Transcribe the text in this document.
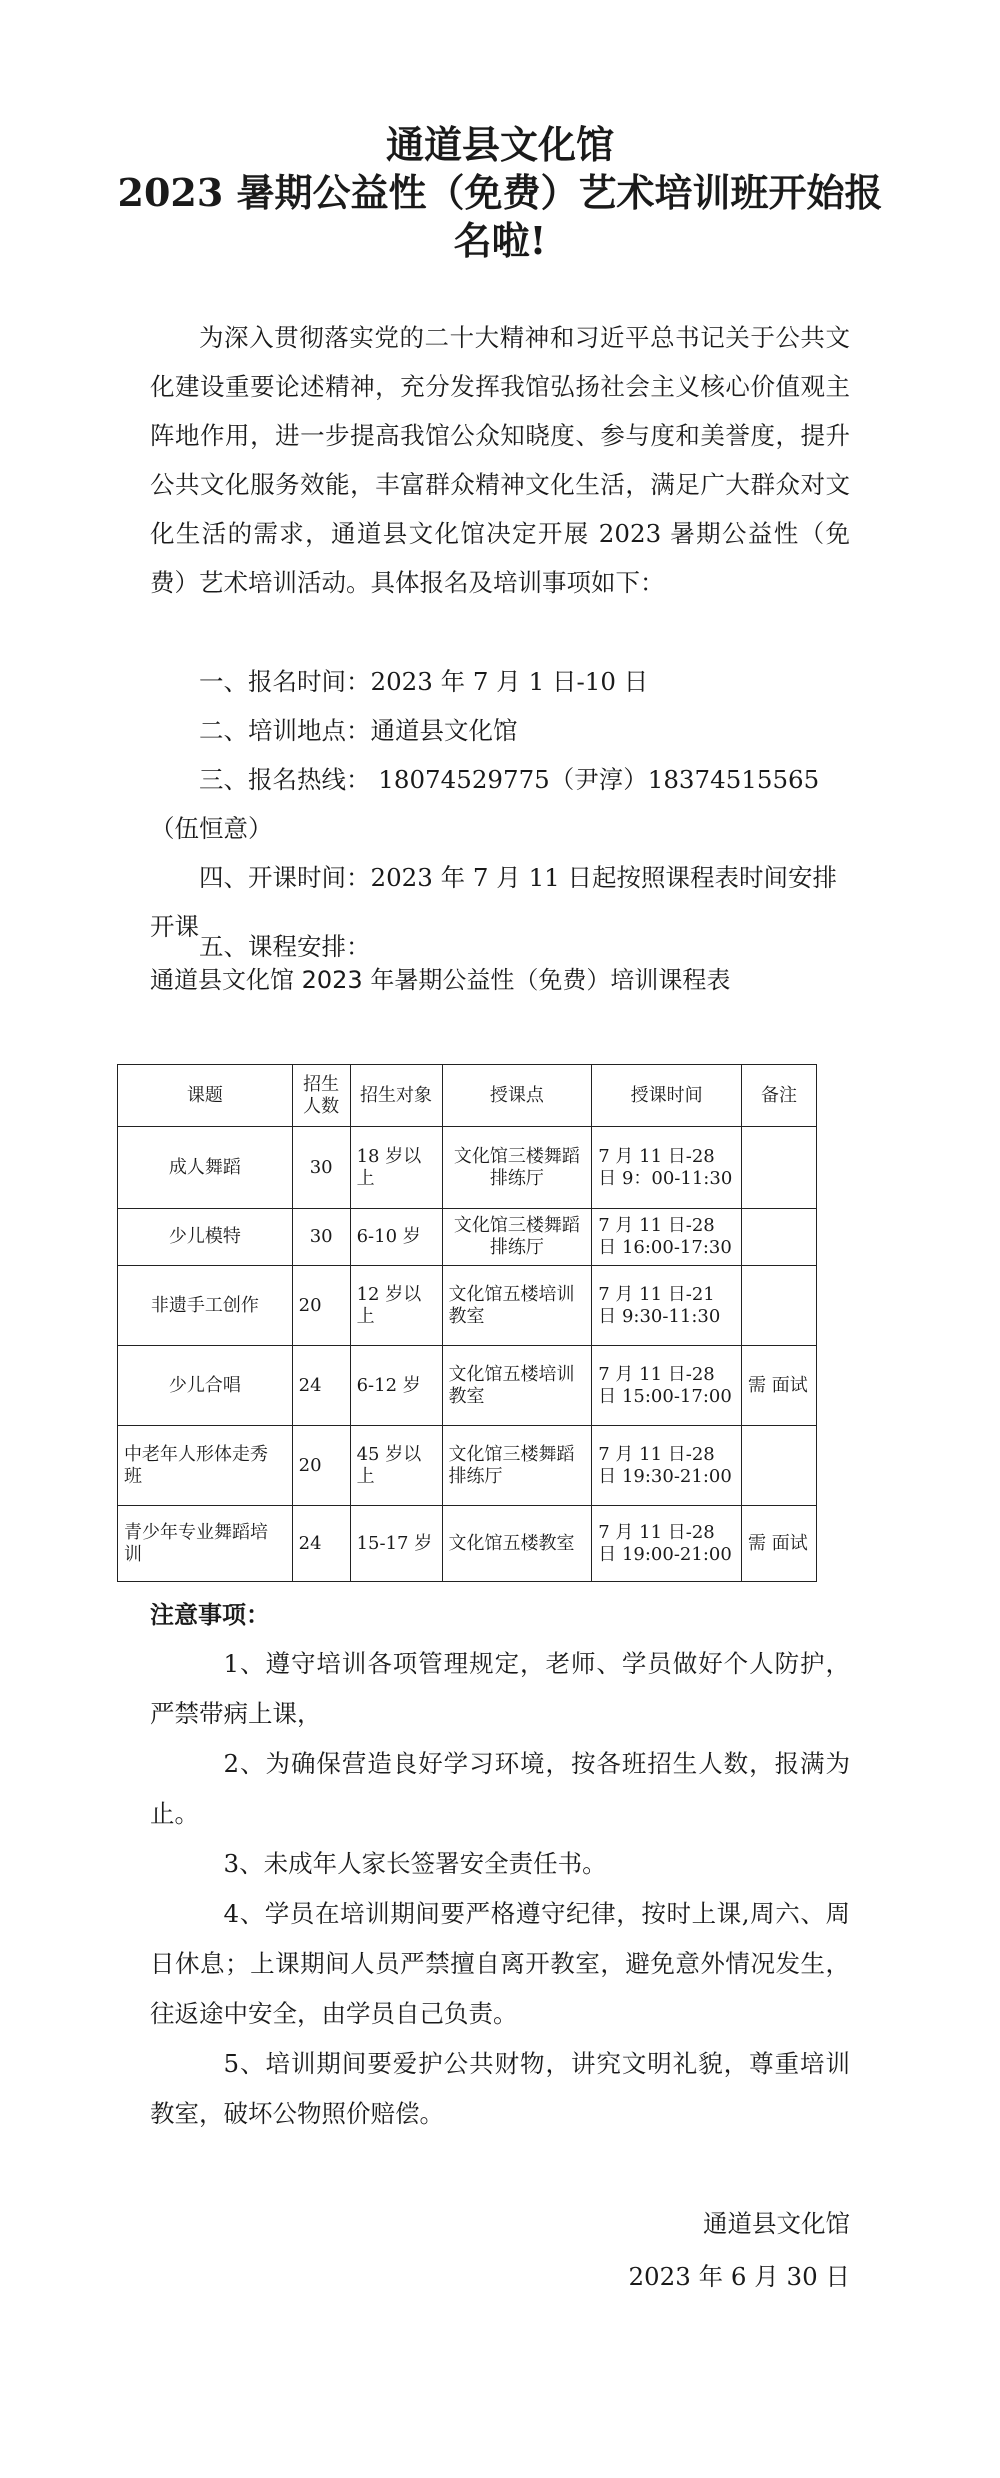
通道县文化馆
2023 暑期公益性（免费）艺术培训班开始报
名啦!
为深入贯彻落实党的二十大精神和习近平总书记关于公共文化建设重要论述精神，充分发挥我馆弘扬社会主义核心价值观主阵地作用，进一步提高我馆公众知晓度、参与度和美誉度，提升公共文化服务效能，丰富群众精神文化生活，满足广大群众对文化生活的需求，通道县文化馆决定开展 2023 暑期公益性（免费）艺术培训活动。具体报名及培训事项如下：
一、报名时间：2023 年 7 月 1 日-10 日
二、培训地点：通道县文化馆
三、报名热线： 18074529775（尹淳）18374515565（伍恒意）
四、开课时间：2023 年 7 月 11 日起按照课程表时间安排开课
五、课程安排：
通道县文化馆 2023 年暑期公益性（免费）培训课程表
课题	招生人数	招生对象	授课点	授课时间	备注
成人舞蹈	30	18 岁以上	文化馆三楼舞蹈排练厅	7 月 11 日-28 日 9：00-11:30	
少儿模特	30	6-10 岁	文化馆三楼舞蹈排练厅	7 月 11 日-28 日 16:00-17:30	
非遗手工创作	20	12 岁以上	文化馆五楼培训教室	7 月 11 日-21 日 9:30-11:30	
少儿合唱	24	6-12 岁	文化馆五楼培训教室	7 月 11 日-28 日 15:00-17:00	需 面试
中老年人形体走秀班	20	45 岁以上	文化馆三楼舞蹈排练厅	7 月 11 日-28 日 19:30-21:00	
青少年专业舞蹈培训	24	15-17 岁	文化馆五楼教室	7 月 11 日-28 日 19:00-21:00	需 面试
注意事项：
1、遵守培训各项管理规定，老师、学员做好个人防护，严禁带病上课，
2、为确保营造良好学习环境，按各班招生人数，报满为止。
3、未成年人家长签署安全责任书。
4、学员在培训期间要严格遵守纪律，按时上课,周六、周日休息；上课期间人员严禁擅自离开教室，避免意外情况发生，往返途中安全，由学员自己负责。
5、培训期间要爱护公共财物，讲究文明礼貌，尊重培训教室，破坏公物照价赔偿。
通道县文化馆
2023 年 6 月 30 日
